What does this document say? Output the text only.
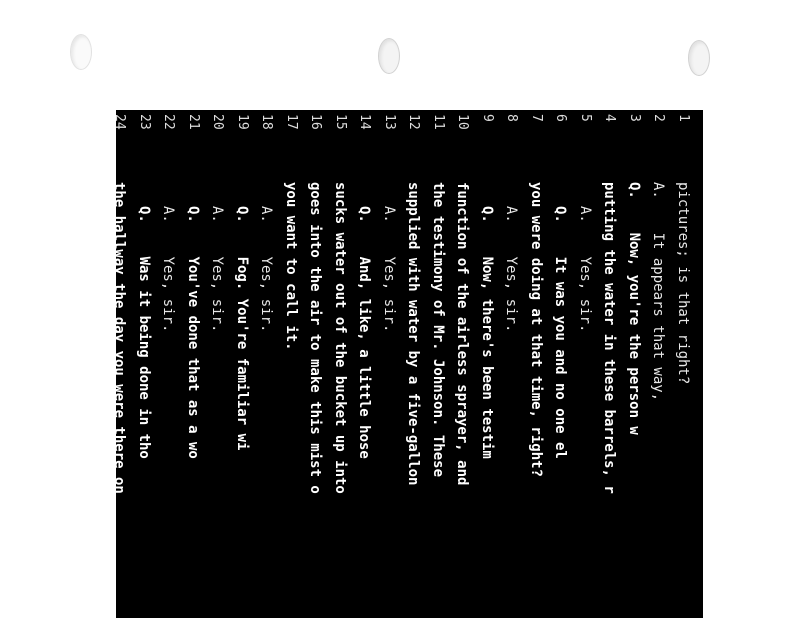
1
pictures; is that right?
2
A.    It appears that way,
3
Q.    Now, you're the person w
4
putting the water in these barrels, r
5
A.    Yes, sir.
6
Q.    It was you and no one el
7
you were doing at that time, right?
8
A.    Yes, sir.
9
Q.    Now, there's been testim
10
function of the airless sprayer, and
11
the testimony of Mr. Johnson. These
12
supplied with water by a five-gallon
13
A.    Yes, sir.
14
Q.    And, like, a little hose
15
sucks water out of the bucket up into
16
goes into the air to make this mist o
17
you want to call it.
18
A.    Yes, sir.
19
Q.    Fog. You're familiar wi
20
A.    Yes, sir.
21
Q.    You've done that as a wo
22
A.    Yes, sir.
23
Q.    Was it being done in tho
24
the hallway the day you were there on
